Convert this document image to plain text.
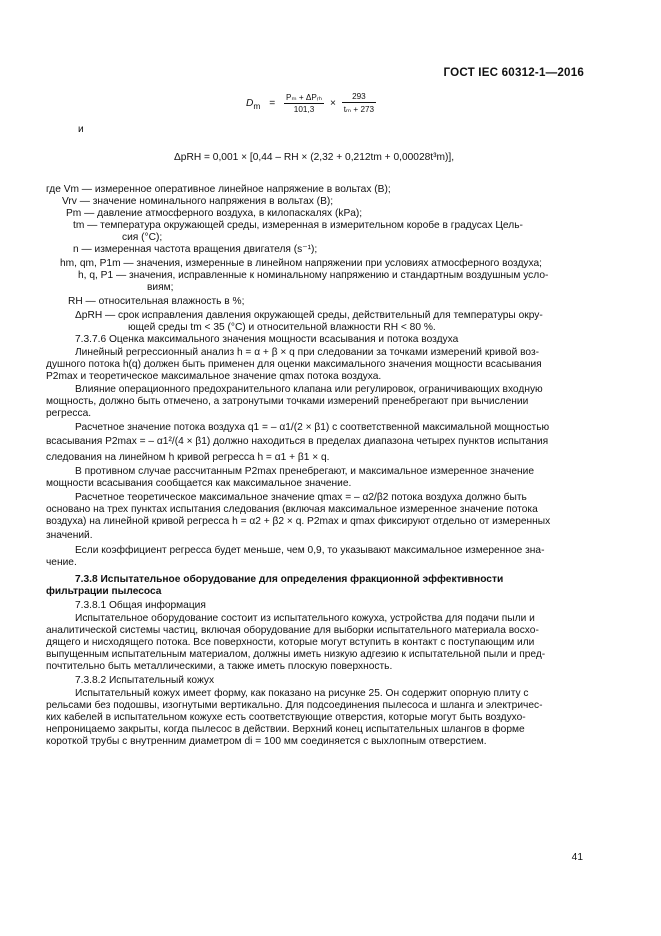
ГОСТ IEC 60312-1—2016
$D_m = \frac{\text{Pₘ + ΔPᵣₕ}}{101,3} \times \frac{293}{\text{tₘ + 273}}$
и
ΔpRH = 0,001 × [0,44 – RH × (2,32 + 0,212tm + 0,00028t³m)],
где Vm — измеренное оперативное линейное напряжение в вольтах (В);
Vrv — значение номинального напряжения в вольтах (В);
Pm — давление атмосферного воздуха, в килопаскалях (kPa);
tm — температура окружающей среды, измеренная в измерительном коробе в градусах Цель-
сия (°C);
n — измеренная частота вращения двигателя (s⁻¹);
hm, qm, P1m — значения, измеренные в линейном напряжении при условиях атмосферного воздуха;
h, q, P1 — значения, исправленные к номинальному напряжению и стандартным воздушным усло-
виям;
RH — относительная влажность в %;
ΔpRH — срок исправления давления окружающей среды, действительный для температуры окру-
ющей среды tm < 35 (°C) и относительной влажности RH < 80 %.
7.3.7.6 Оценка максимального значения мощности всасывания и потока воздуха
Линейный регрессионный анализ h = α + β × q при следовании за точками измерений кривой воз-
душного потока h(q) должен быть применен для оценки максимального значения мощности всасывания
P2max и теоретическое максимальное значение qmax потока воздуха.
Влияние операционного предохранительного клапана или регулировок, ограничивающих входную
мощность, должно быть отмечено, а затронутыми точками измерений пренебрегают при вычислении
регресса.
Расчетное значение потока воздуха q1 = – α1/(2 × β1) с соответственной максимальной мощностью
всасывания P2max = – α1²/(4 × β1) должно находиться в пределах диапазона четырех пунктов испытания
следования на линейном h кривой регресса h = α1 + β1 × q.
В противном случае рассчитанным P2max пренебрегают, и максимальное измеренное значение
мощности всасывания сообщается как максимальное значение.
Расчетное теоретическое максимальное значение qmax = – α2/β2 потока воздуха должно быть
основано на трех пунктах испытания следования (включая максимальное измеренное значение потока
воздуха) на линейной кривой регресса h = α2 + β2 × q. P2max и qmax фиксируют отдельно от измеренных
значений.
Если коэффициент регресса будет меньше, чем 0,9, то указывают максимальное измеренное зна-
чение.
7.3.8 Испытательное оборудование для определения фракционной эффективности
фильтрации пылесоса
7.3.8.1 Общая информация
Испытательное оборудование состоит из испытательного кожуха, устройства для подачи пыли и
аналитической системы частиц, включая оборудование для выборки испытательного материала восхо-
дящего и нисходящего потока. Все поверхности, которые могут вступить в контакт с поступающим или
выпущенным испытательным материалом, должны иметь низкую адгезию к испытательной пыли и пред-
почтительно быть металлическими, а также иметь плоскую поверхность.
7.3.8.2 Испытательный кожух
Испытательный кожух имеет форму, как показано на рисунке 25. Он содержит опорную плиту с
рельсами без подошвы, изогнутыми вертикально. Для подсоединения пылесоса и шланга и электричес-
ких кабелей в испытательном кожухе есть соответствующие отверстия, которые могут быть воздухо-
непроницаемо закрыты, когда пылесос в действии. Верхний конец испытательных шлангов в форме
короткой трубы с внутренним диаметром di = 100 мм соединяется с выхлопным отверстием.
41
